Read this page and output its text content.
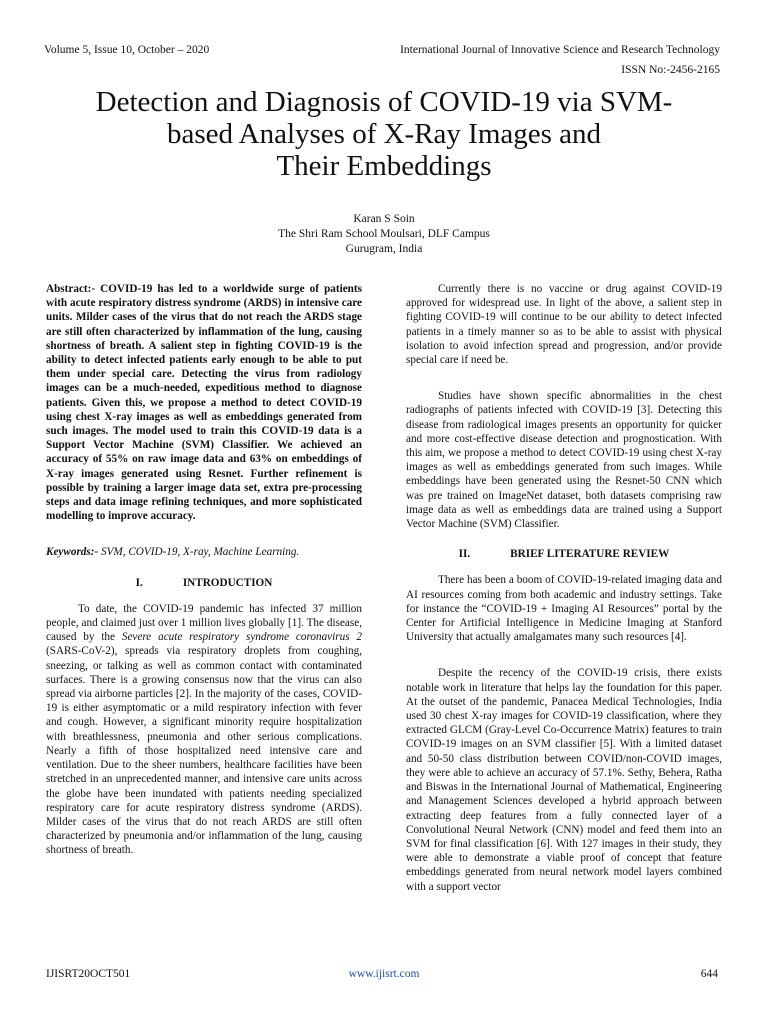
Volume 5, Issue 10, October – 2020	International Journal of Innovative Science and Research Technology
ISSN No:-2456-2165
Detection and Diagnosis of COVID-19 via SVM-
based Analyses of X-Ray Images and
Their Embeddings
Karan S Soin
The Shri Ram School Moulsari, DLF Campus
Gurugram, India

Abstract:- COVID-19 has led to a worldwide surge of patients with acute respiratory distress syndrome (ARDS) in intensive care units. Milder cases of the virus that do not reach the ARDS stage are still often characterized by inflammation of the lung, causing shortness of breath. A salient step in fighting COVID-19 is the ability to detect infected patients early enough to be able to put them under special care. Detecting the virus from radiology images can be a much-needed, expeditious method to diagnose patients. Given this, we propose a method to detect COVID-19 using chest X-ray images as well as embeddings generated from such images. The model used to train this COVID-19 data is a Support Vector Machine (SVM) Classifier. We achieved an accuracy of 55% on raw image data and 63% on embeddings of X-ray images generated using Resnet. Further refinement is possible by training a larger image data set, extra pre-processing steps and data image refining techniques, and more sophisticated modelling to improve accuracy.

Keywords:- SVM, COVID-19, X-ray, Machine Learning.

I.	INTRODUCTION

To date, the COVID-19 pandemic has infected 37 million people, and claimed just over 1 million lives globally [1]. The disease, caused by the Severe acute respiratory syndrome coronavirus 2 (SARS-CoV-2), spreads via respiratory droplets from coughing, sneezing, or talking as well as common contact with contaminated surfaces. There is a growing consensus now that the virus can also spread via airborne particles [2]. In the majority of the cases, COVID-19 is either asymptomatic or a mild respiratory infection with fever and cough. However, a significant minority require hospitalization with breathlessness, pneumonia and other serious complications. Nearly a fifth of those hospitalized need intensive care and ventilation. Due to the sheer numbers, healthcare facilities have been stretched in an unprecedented manner, and intensive care units across the globe have been inundated with patients needing specialized respiratory care for acute respiratory distress syndrome (ARDS). Milder cases of the virus that do not reach ARDS are still often characterized by pneumonia and/or inflammation of the lung, causing shortness of breath.

Currently there is no vaccine or drug against COVID-19 approved for widespread use. In light of the above, a salient step in fighting COVID-19 will continue to be our ability to detect infected patients in a timely manner so as to be able to assist with physical isolation to avoid infection spread and progression, and/or provide special care if need be.

Studies have shown specific abnormalities in the chest radiographs of patients infected with COVID-19 [3]. Detecting this disease from radiological images presents an opportunity for quicker and more cost-effective disease detection and prognostication. With this aim, we propose a method to detect COVID-19 using chest X-ray images as well as embeddings generated from such images. While embeddings have been generated using the Resnet-50 CNN which was pre trained on ImageNet dataset, both datasets comprising raw image data as well as embeddings data are trained using a Support Vector Machine (SVM) Classifier.

II.	BRIEF LITERATURE REVIEW

There has been a boom of COVID-19-related imaging data and AI resources coming from both academic and industry settings. Take for instance the “COVID-19 + Imaging AI Resources” portal by the Center for Artificial Intelligence in Medicine Imaging at Stanford University that actually amalgamates many such resources [4].

Despite the recency of the COVID-19 crisis, there exists notable work in literature that helps lay the foundation for this paper. At the outset of the pandemic, Panacea Medical Technologies, India used 30 chest X-ray images for COVID-19 classification, where they extracted GLCM (Gray-Level Co-Occurrence Matrix) features to train COVID-19 images on an SVM classifier [5]. With a limited dataset and 50-50 class distribution between COVID/non-COVID images, they were able to achieve an accuracy of 57.1%. Sethy, Behera, Ratha and Biswas in the International Journal of Mathematical, Engineering and Management Sciences developed a hybrid approach between extracting deep features from a fully connected layer of a Convolutional Neural Network (CNN) model and feed them into an SVM for final classification [6]. With 127 images in their study, they were able to demonstrate a viable proof of concept that feature embeddings generated from neural network model layers combined with a support vector

IJISRT20OCT501	www.ijisrt.com	644
